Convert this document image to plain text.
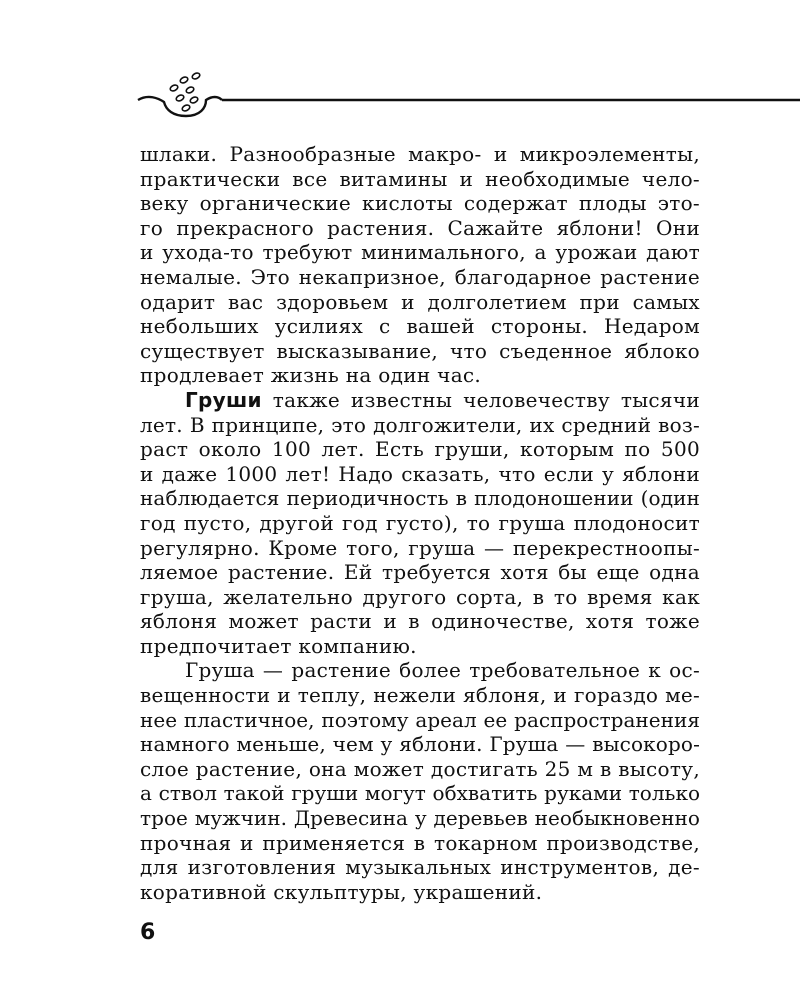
шлаки. Разнообразные макро- и микроэлементы,
практически все витамины и необходимые чело-
веку органические кислоты содержат плоды это-
го прекрасного растения. Сажайте яблони! Они
и ухода-то требуют минимального, а урожаи дают
немалые. Это некапризное, благодарное растение
одарит вас здоровьем и долголетием при самых
небольших усилиях с вашей стороны. Недаром
существует высказывание, что съеденное яблоко
продлевает жизнь на один час.
Груши также известны человечеству тысячи
лет. В принципе, это долгожители, их средний воз-
раст около 100 лет. Есть груши, которым по 500
и даже 1000 лет! Надо сказать, что если у яблони
наблюдается периодичность в плодоношении (один
год пусто, другой год густо), то груша плодоносит
регулярно. Кроме того, груша — перекрестноопы-
ляемое растение. Ей требуется хотя бы еще одна
груша, желательно другого сорта, в то время как
яблоня может расти и в одиночестве, хотя тоже
предпочитает компанию.
Груша — растение более требовательное к ос-
вещенности и теплу, нежели яблоня, и гораздо ме-
нее пластичное, поэтому ареал ее распространения
намного меньше, чем у яблони. Груша — высокоро-
слое растение, она может достигать 25 м в высоту,
а ствол такой груши могут обхватить руками только
трое мужчин. Древесина у деревьев необыкновенно
прочная и применяется в токарном производстве,
для изготовления музыкальных инструментов, де-
коративной скульптуры, украшений.
6
